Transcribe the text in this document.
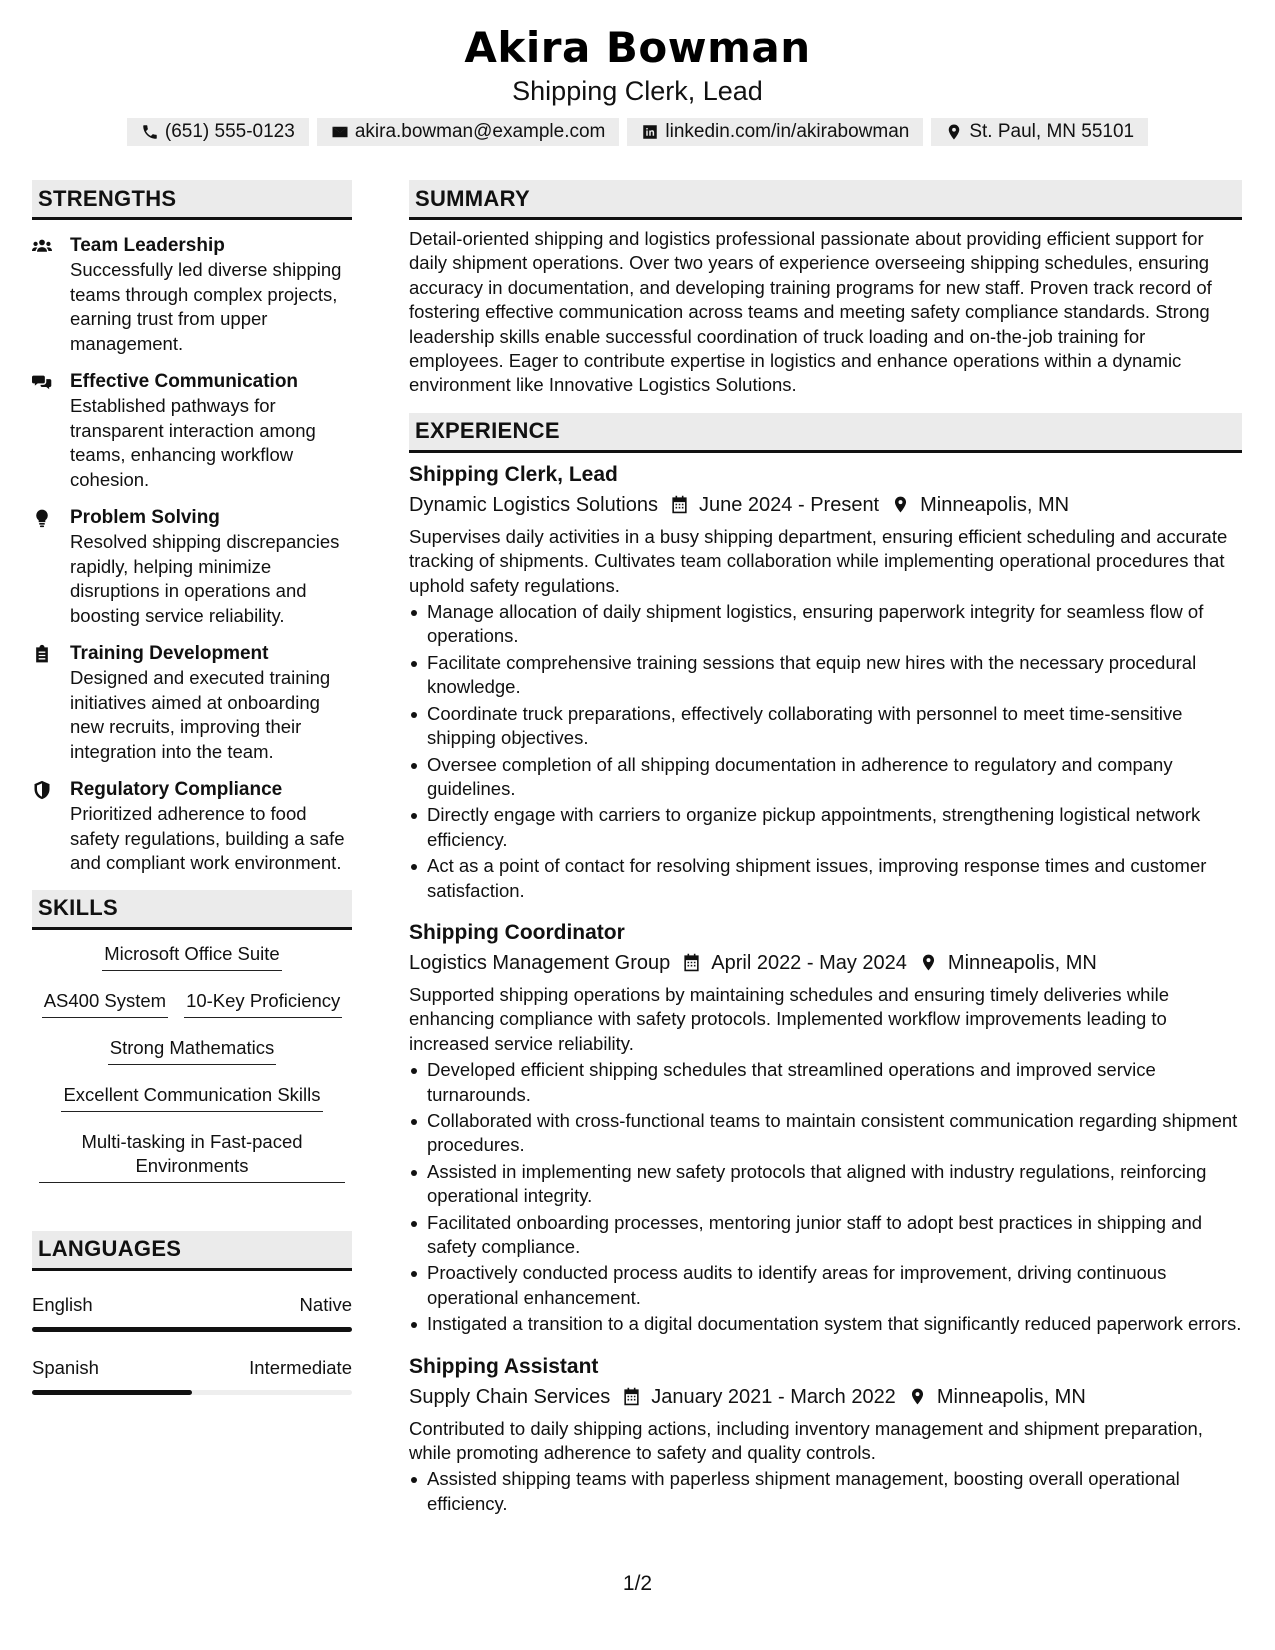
Akira Bowman
Shipping Clerk, Lead
(651) 555-0123	akira.bowman@example.com	linkedin.com/in/akirabowman	St. Paul, MN 55101
STRENGTHS
Team Leadership
Successfully led diverse shipping teams through complex projects, earning trust from upper management.
Effective Communication
Established pathways for transparent interaction among teams, enhancing workflow cohesion.
Problem Solving
Resolved shipping discrepancies rapidly, helping minimize disruptions in operations and boosting service reliability.
Training Development
Designed and executed training initiatives aimed at onboarding new recruits, improving their integration into the team.
Regulatory Compliance
Prioritized adherence to food safety regulations, building a safe and compliant work environment.
SKILLS
Microsoft Office Suite
AS400 System 10-Key Proficiency
Strong Mathematics
Excellent Communication Skills
Multi-tasking in Fast-paced Environments
LANGUAGES
English	Native
Spanish	Intermediate
SUMMARY
Detail-oriented shipping and logistics professional passionate about providing efficient support for daily shipment operations. Over two years of experience overseeing shipping schedules, ensuring accuracy in documentation, and developing training programs for new staff. Proven track record of fostering effective communication across teams and meeting safety compliance standards. Strong leadership skills enable successful coordination of truck loading and on-the-job training for employees. Eager to contribute expertise in logistics and enhance operations within a dynamic environment like Innovative Logistics Solutions.
EXPERIENCE
Shipping Clerk, Lead
Dynamic Logistics Solutions June 2024 - Present Minneapolis, MN
Supervises daily activities in a busy shipping department, ensuring efficient scheduling and accurate tracking of shipments. Cultivates team collaboration while implementing operational procedures that uphold safety regulations.
Manage allocation of daily shipment logistics, ensuring paperwork integrity for seamless flow of operations.
Facilitate comprehensive training sessions that equip new hires with the necessary procedural knowledge.
Coordinate truck preparations, effectively collaborating with personnel to meet time-sensitive shipping objectives.
Oversee completion of all shipping documentation in adherence to regulatory and company guidelines.
Directly engage with carriers to organize pickup appointments, strengthening logistical network efficiency.
Act as a point of contact for resolving shipment issues, improving response times and customer satisfaction.
Shipping Coordinator
Logistics Management Group April 2022 - May 2024 Minneapolis, MN
Supported shipping operations by maintaining schedules and ensuring timely deliveries while enhancing compliance with safety protocols. Implemented workflow improvements leading to increased service reliability.
Developed efficient shipping schedules that streamlined operations and improved service turnarounds.
Collaborated with cross-functional teams to maintain consistent communication regarding shipment procedures.
Assisted in implementing new safety protocols that aligned with industry regulations, reinforcing operational integrity.
Facilitated onboarding processes, mentoring junior staff to adopt best practices in shipping and safety compliance.
Proactively conducted process audits to identify areas for improvement, driving continuous operational enhancement.
Instigated a transition to a digital documentation system that significantly reduced paperwork errors.
Shipping Assistant
Supply Chain Services January 2021 - March 2022 Minneapolis, MN
Contributed to daily shipping actions, including inventory management and shipment preparation, while promoting adherence to safety and quality controls.
Assisted shipping teams with paperless shipment management, boosting overall operational efficiency.
1/2
